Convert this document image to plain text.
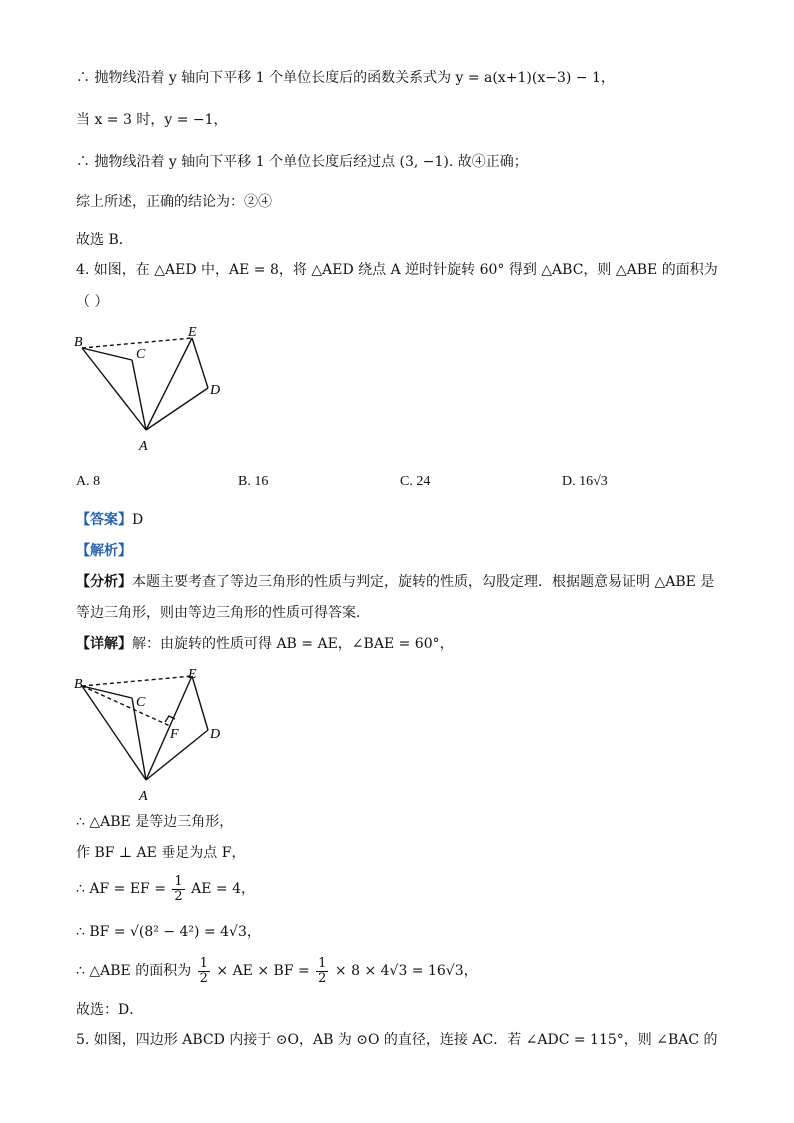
∴ 抛物线沿着 y 轴向下平移 1 个单位长度后的函数关系式为 y = a(x+1)(x−3) − 1，
当 x = 3 时，y = −1，
∴ 抛物线沿着 y 轴向下平移 1 个单位长度后经过点 (3, −1). 故④正确；
综上所述，正确的结论为：②④
故选 B．
4. 如图，在 △AED 中，AE = 8，将 △AED 绕点 A 逆时针旋转 60° 得到 △ABC，则 △ABE 的面积为
（ ）
B
C
E
D
A
A. 8	B. 16	C. 24	D. 16√3
【答案】D
【解析】
【分析】本题主要考查了等边三角形的性质与判定，旋转的性质，勾股定理．根据题意易证明 △ABE 是
等边三角形，则由等边三角形的性质可得答案．
【详解】解：由旋转的性质可得 AB = AE，∠BAE = 60°，
B
C
E
D
F
A
∴ △ABE 是等边三角形，
作 BF ⊥ AE 垂足为点 F，
∴ AF = EF = $\frac{1}{2}$ AE = 4，
∴ BF = √(8² − 4²) = 4√3，
∴ △ABE 的面积为 $\frac{1}{2}$ × AE × BF = $\frac{1}{2} \times 8 \times 4√3 = 16√3$，
故选：D．
5. 如图，四边形 ABCD 内接于 ⊙O，AB 为 ⊙O 的直径，连接 AC．若 ∠ADC = 115°，则 ∠BAC 的
